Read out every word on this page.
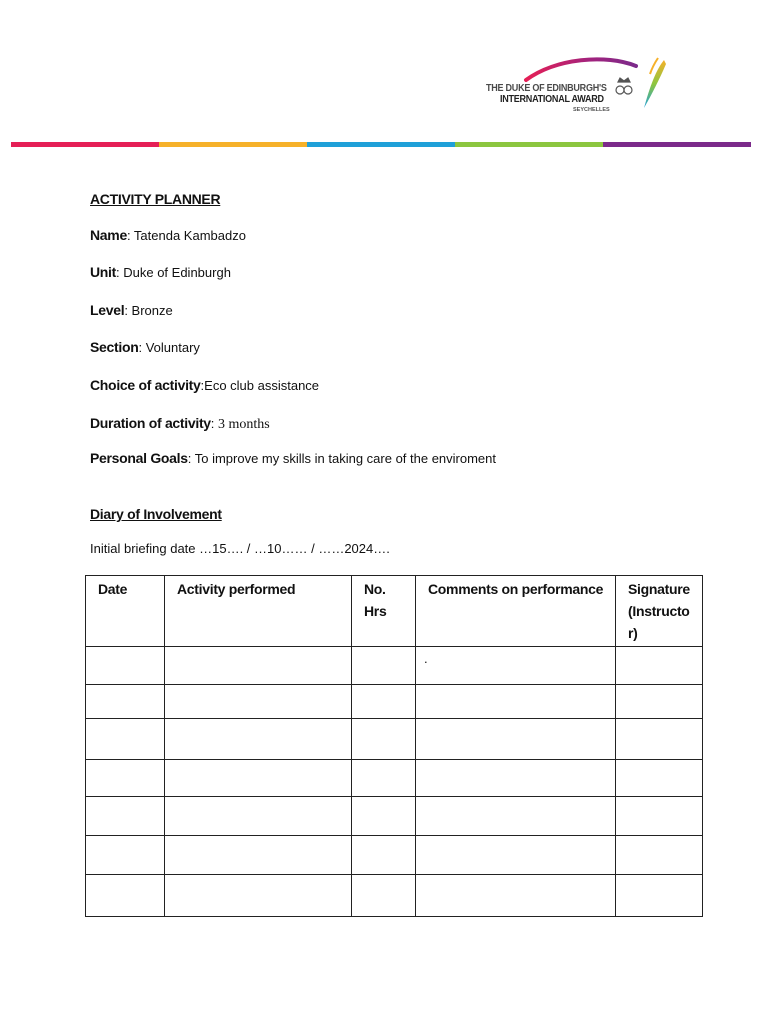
THE DUKE OF EDINBURGH'S
INTERNATIONAL AWARD
SEYCHELLES
ACTIVITY PLANNER
Name: Tatenda Kambadzo
Unit: Duke of Edinburgh
Level: Bronze
Section: Voluntary
Choice of activity:Eco club assistance
Duration of activity: 3 months
Personal Goals: To improve my skills in taking care of the enviroment
Diary of Involvement
Initial briefing date …15…. / …10…… / ……2024….
Date	Activity performed	No. Hrs	Comments on performance	Signature (Instructo r)
			.	
